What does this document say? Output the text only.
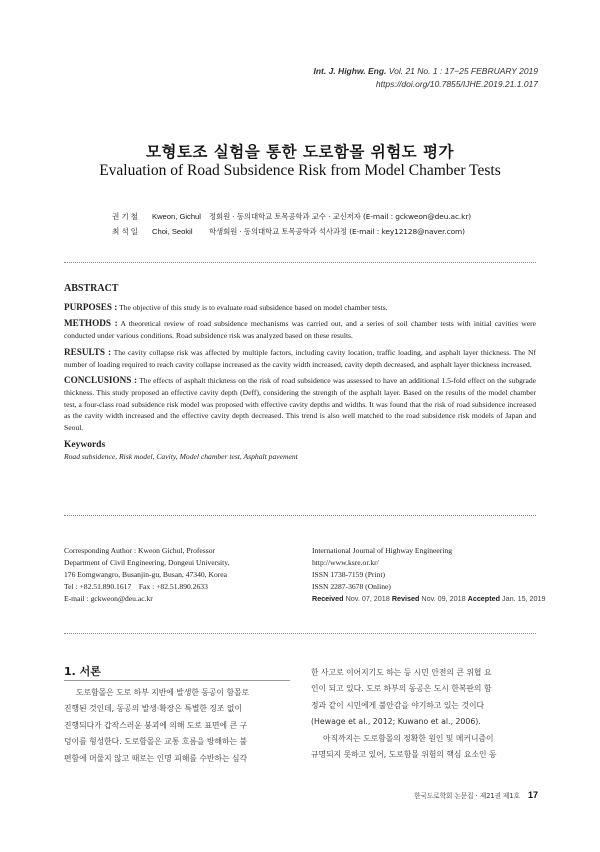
Int. J. Highw. Eng. Vol. 21 No. 1 : 17−25 FEBRUARY 2019
https://doi.org/10.7855/IJHE.2019.21.1.017
모형토조 실험을 통한 도로함몰 위험도 평가
Evaluation of Road Subsidence Risk from Model Chamber Tests
권기철	Kweon, Gichul	정회원 · 동의대학교 토목공학과 교수 · 교신저자 (E-mail : gckweon@deu.ac.kr)
최석일	Choi, Seokil	학생회원 · 동의대학교 토목공학과 석사과정 (E-mail : key12128@naver.com)
ABSTRACT

PURPOSES : The objective of this study is to evaluate road subsidence based on model chamber tests.

METHODS : A theoretical review of road subsidence mechanisms was carried out, and a series of soil chamber tests with initial cavities were conducted under various conditions. Road subsidence risk was analyzed based on these results.

RESULTS : The cavity collapse risk was affected by multiple factors, including cavity location, traffic loading, and asphalt layer thickness. The Nf number of loading required to reach cavity collapse increased as the cavity width increased, cavity depth decreased, and asphalt layer thickness increased.

CONCLUSIONS : The effects of asphalt thickness on the risk of road subsidence was assessed to have an additional 1.5-fold effect on the subgrade thickness. This study proposed an effective cavity depth (Deff), considering the strength of the asphalt layer. Based on the results of the model chamber test, a four-class road subsidence risk model was proposed with effective cavity depths and widths. It was found that the risk of road subsidence increased as the cavity width increased and the effective cavity depth decreased. This trend is also well matched to the road subsidence risk models of Japan and Seoul.

Keywords
Road subsidence, Risk model, Cavity, Model chamber test, Asphalt pavement
Corresponding Author : Kweon Gichul, Professor
Department of Civil Engineering, Dongeui University,
176 Eomgwangro, Busanjin-gu, Busan, 47340, Korea
Tel : +82.51.890.1617    Fax : +82.51.890.2633
E-mail : gckweon@deu.ac.kr
International Journal of Highway Engineering
http://www.ksre.or.kr/
ISSN 1738-7159 (Print)
ISSN 2287-3678 (Online)
Received Nov. 07, 2018 Revised Nov. 09, 2018 Accepted Jan. 15, 2019
1. 서론

도로함몰은 도로 하부 지반에 발생한 동공이 함몰로

진행된 것인데, 동공의 발생·확장은 특별한 징조 없이

진행되다가 갑작스러운 붕괴에 의해 도로 표면에 큰 구

덩이를 형성한다. 도로함몰은 교통 흐름을 방해하는 불

편함에 머물지 않고 때로는 인명 피해를 수반하는 심각

한 사고로 이어지기도 하는 등 시민 안전의 큰 위협 요

인이 되고 있다. 도로 하부의 동공은 도시 한복판의 함

정과 같이 시민에게 불안감을 야기하고 있는 것이다

(Hewage et al., 2012; Kuwano et al., 2006).

아직까지는 도로함몰의 정확한 원인 및 메커니즘이

규명되지 못하고 있어, 도로함몰 위험의 핵심 요소인 동

한국도로학회 논문집 · 제21권 제1호 17
